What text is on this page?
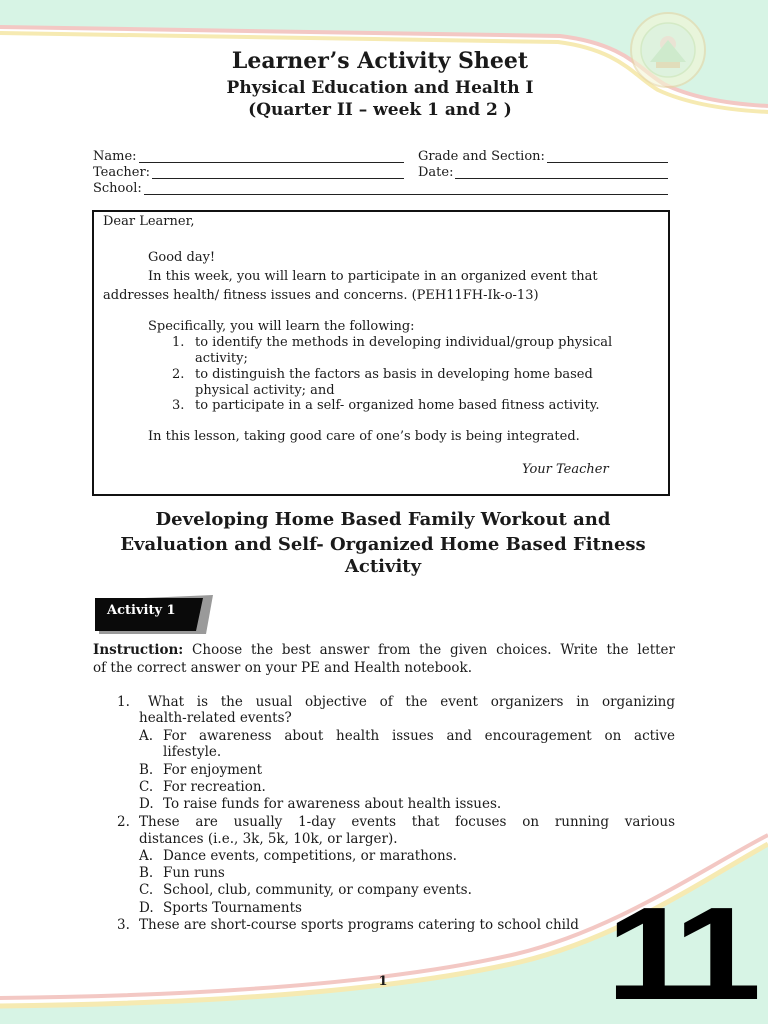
Learner’s Activity Sheet
Physical Education and Health I
(Quarter II – week 1 and 2 )
Name:	Grade and Section:
Teacher:	Date:
School:

Dear Learner,

Good day!

In this week, you will learn to participate in an organized event that

addresses health/ fitness issues and concerns. (PEH11FH-Ik-o-13)

Specifically, you will learn the following:

1. to identify the methods in developing individual/group physical
activity;
2. to distinguish the factors as basis in developing home based
physical activity; and
3. to participate in a self- organized home based fitness activity.

In this lesson, taking good care of one’s body is being integrated.

Your Teacher

Developing Home Based Family Workout and
Evaluation and Self- Organized Home Based Fitness
Activity
Activity 1

Instruction: Choose the best answer from the given choices. Write the letter

of the correct answer on your PE and Health notebook.

1. What is the usual objective of the event organizers in organizing
health-related events?
A. For awareness about health issues and encouragement on active
lifestyle.
B. For enjoyment
C. For recreation.
D. To raise funds for awareness about health issues.
2. These are usually 1-day events that focuses on running various
distances (i.e., 3k, 5k, 10k, or larger).
A. Dance events, competitions, or marathons.
B. Fun runs
C. School, club, community, or company events.
D. Sports Tournaments
3. These are short-course sports programs catering to school child
1 11
